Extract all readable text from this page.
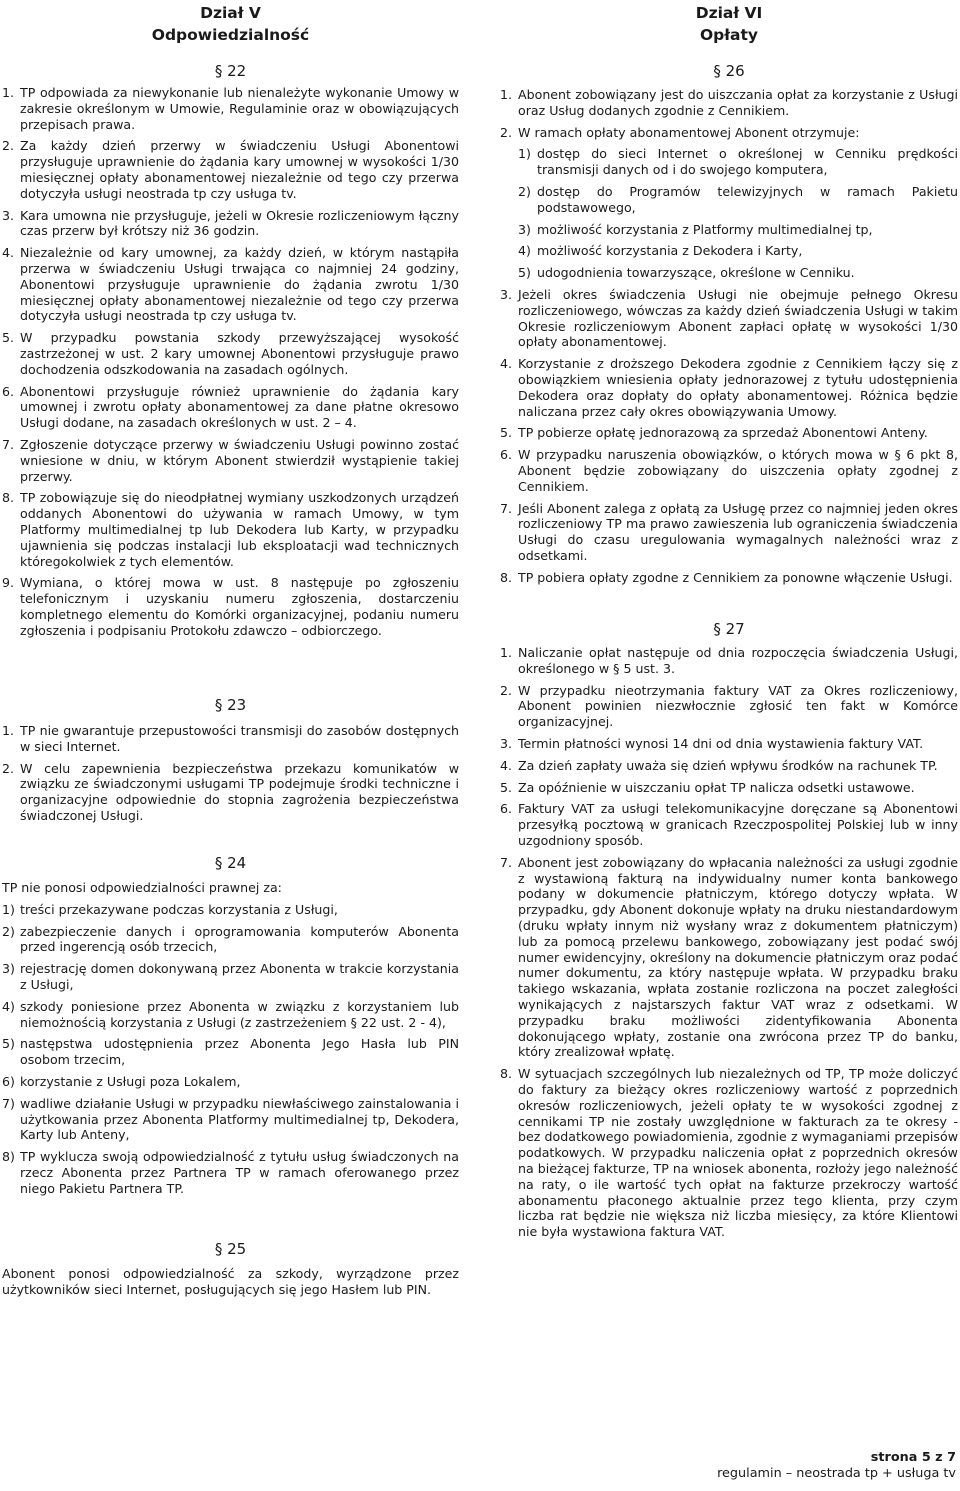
Dział V
Odpowiedzialność
§ 22
1. TP odpowiada za niewykonanie lub nienależyte wykonanie Umowy w zakresie określonym w Umowie, Regulaminie oraz w obowiązujących przepisach prawa.
2. Za każdy dzień przerwy w świadczeniu Usługi Abonentowi przysługuje uprawnienie do żądania kary umownej w wysokości 1/30 miesięcznej opłaty abonamentowej niezależnie od tego czy przerwa dotyczyła usługi neostrada tp czy usługa tv.
3. Kara umowna nie przysługuje, jeżeli w Okresie rozliczeniowym łączny czas przerw był krótszy niż 36 godzin.
4. Niezależnie od kary umownej, za każdy dzień, w którym nastąpiła przerwa w świadczeniu Usługi trwająca co najmniej 24 godziny, Abonentowi przysługuje uprawnienie do żądania zwrotu 1/30 miesięcznej opłaty abonamentowej niezależnie od tego czy przerwa dotyczyła usługi neostrada tp czy usługa tv.
5. W przypadku powstania szkody przewyższającej wysokość zastrzeżonej w ust. 2 kary umownej Abonentowi przysługuje prawo dochodzenia odszkodowania na zasadach ogólnych.
6. Abonentowi przysługuje również uprawnienie do żądania kary umownej i zwrotu opłaty abonamentowej za dane płatne okresowo Usługi dodane, na zasadach określonych w ust. 2 – 4.
7. Zgłoszenie dotyczące przerwy w świadczeniu Usługi powinno zostać wniesione w dniu, w którym Abonent stwierdził wystąpienie takiej przerwy.
8. TP zobowiązuje się do nieodpłatnej wymiany uszkodzonych urządzeń oddanych Abonentowi do używania w ramach Umowy, w tym Platformy multimedialnej tp lub Dekodera lub Karty, w przypadku ujawnienia się podczas instalacji lub eksploatacji wad technicznych któregokolwiek z tych elementów.
9. Wymiana, o której mowa w ust. 8 następuje po zgłoszeniu telefonicznym i uzyskaniu numeru zgłoszenia, dostarczeniu kompletnego elementu do Komórki organizacyjnej, podaniu numeru zgłoszenia i podpisaniu Protokołu zdawczo – odbiorczego.
§ 23
1. TP nie gwarantuje przepustowości transmisji do zasobów dostępnych w sieci Internet.
2. W celu zapewnienia bezpieczeństwa przekazu komunikatów w związku ze świadczonymi usługami TP podejmuje środki techniczne i organizacyjne odpowiednie do stopnia zagrożenia bezpieczeństwa świadczonej Usługi.
§ 24
TP nie ponosi odpowiedzialności prawnej za:
1) treści przekazywane podczas korzystania z Usługi,
2) zabezpieczenie danych i oprogramowania komputerów Abonenta przed ingerencją osób trzecich,
3) rejestrację domen dokonywaną przez Abonenta w trakcie korzystania z Usługi,
4) szkody poniesione przez Abonenta w związku z korzystaniem lub niemożnością korzystania z Usługi (z zastrzeżeniem § 22 ust. 2 - 4),
5) następstwa udostępnienia przez Abonenta Jego Hasła lub PIN osobom trzecim,
6) korzystanie z Usługi poza Lokalem,
7) wadliwe działanie Usługi w przypadku niewłaściwego zainstalowania i użytkowania przez Abonenta Platformy multimedialnej tp, Dekodera, Karty lub Anteny,
8) TP wyklucza swoją odpowiedzialność z tytułu usług świadczonych na rzecz Abonenta przez Partnera TP w ramach oferowanego przez niego Pakietu Partnera TP.
§ 25
Abonent ponosi odpowiedzialność za szkody, wyrządzone przez użytkowników sieci Internet, posługujących się jego Hasłem lub PIN.
Dział VI
Opłaty
§ 26
1. Abonent zobowiązany jest do uiszczania opłat za korzystanie z Usługi oraz Usług dodanych zgodnie z Cennikiem.
2. W ramach opłaty abonamentowej Abonent otrzymuje:
1) dostęp do sieci Internet o określonej w Cenniku prędkości transmisji danych od i do swojego komputera,
2) dostęp do Programów telewizyjnych w ramach Pakietu podstawowego,
3) możliwość korzystania z Platformy multimedialnej tp,
4) możliwość korzystania z Dekodera i Karty,
5) udogodnienia towarzyszące, określone w Cenniku.
3. Jeżeli okres świadczenia Usługi nie obejmuje pełnego Okresu rozliczeniowego, wówczas za każdy dzień świadczenia Usługi w takim Okresie rozliczeniowym Abonent zapłaci opłatę w wysokości 1/30 opłaty abonamentowej.
4. Korzystanie z droższego Dekodera zgodnie z Cennikiem łączy się z obowiązkiem wniesienia opłaty jednorazowej z tytułu udostępnienia Dekodera oraz dopłaty do opłaty abonamentowej. Różnica będzie naliczana przez cały okres obowiązywania Umowy.
5. TP pobierze opłatę jednorazową za sprzedaż Abonentowi Anteny.
6. W przypadku naruszenia obowiązków, o których mowa w § 6 pkt 8, Abonent będzie zobowiązany do uiszczenia opłaty zgodnej z Cennikiem.
7. Jeśli Abonent zalega z opłatą za Usługę przez co najmniej jeden okres rozliczeniowy TP ma prawo zawieszenia lub ograniczenia świadczenia Usługi do czasu uregulowania wymagalnych należności wraz z odsetkami.
8. TP pobiera opłaty zgodne z Cennikiem za ponowne włączenie Usługi.
§ 27
1. Naliczanie opłat następuje od dnia rozpoczęcia świadczenia Usługi, określonego w § 5 ust. 3.
2. W przypadku nieotrzymania faktury VAT za Okres rozliczeniowy, Abonent powinien niezwłocznie zgłosić ten fakt w Komórce organizacyjnej.
3. Termin płatności wynosi 14 dni od dnia wystawienia faktury VAT.
4. Za dzień zapłaty uważa się dzień wpływu środków na rachunek TP.
5. Za opóźnienie w uiszczaniu opłat TP nalicza odsetki ustawowe.
6. Faktury VAT za usługi telekomunikacyjne doręczane są Abonentowi przesyłką pocztową w granicach Rzeczpospolitej Polskiej lub w inny uzgodniony sposób.
7. Abonent jest zobowiązany do wpłacania należności za usługi zgodnie z wystawioną fakturą na indywidualny numer konta bankowego podany w dokumencie płatniczym, którego dotyczy wpłata. W przypadku, gdy Abonent dokonuje wpłaty na druku niestandardowym (druku wpłaty innym niż wysłany wraz z dokumentem płatniczym) lub za pomocą przelewu bankowego, zobowiązany jest podać swój numer ewidencyjny, określony na dokumencie płatniczym oraz podać numer dokumentu, za który następuje wpłata. W przypadku braku takiego wskazania, wpłata zostanie rozliczona na poczet zaległości wynikających z najstarszych faktur VAT wraz z odsetkami. W przypadku braku możliwości zidentyfikowania Abonenta dokonującego wpłaty, zostanie ona zwrócona przez TP do banku, który zrealizował wpłatę.
8. W sytuacjach szczególnych lub niezależnych od TP, TP może doliczyć do faktury za bieżący okres rozliczeniowy wartość z poprzednich okresów rozliczeniowych, jeżeli opłaty te w wysokości zgodnej z cennikami TP nie zostały uwzględnione w fakturach za te okresy - bez dodatkowego powiadomienia, zgodnie z wymaganiami przepisów podatkowych. W przypadku naliczenia opłat z poprzednich okresów na bieżącej fakturze, TP na wniosek abonenta, rozłoży jego należność na raty, o ile wartość tych opłat na fakturze przekroczy wartość abonamentu płaconego aktualnie przez tego klienta, przy czym liczba rat będzie nie większa niż liczba miesięcy, za które Klientowi nie była wystawiona faktura VAT.
strona 5 z 7
regulamin – neostrada tp + usługa tv
